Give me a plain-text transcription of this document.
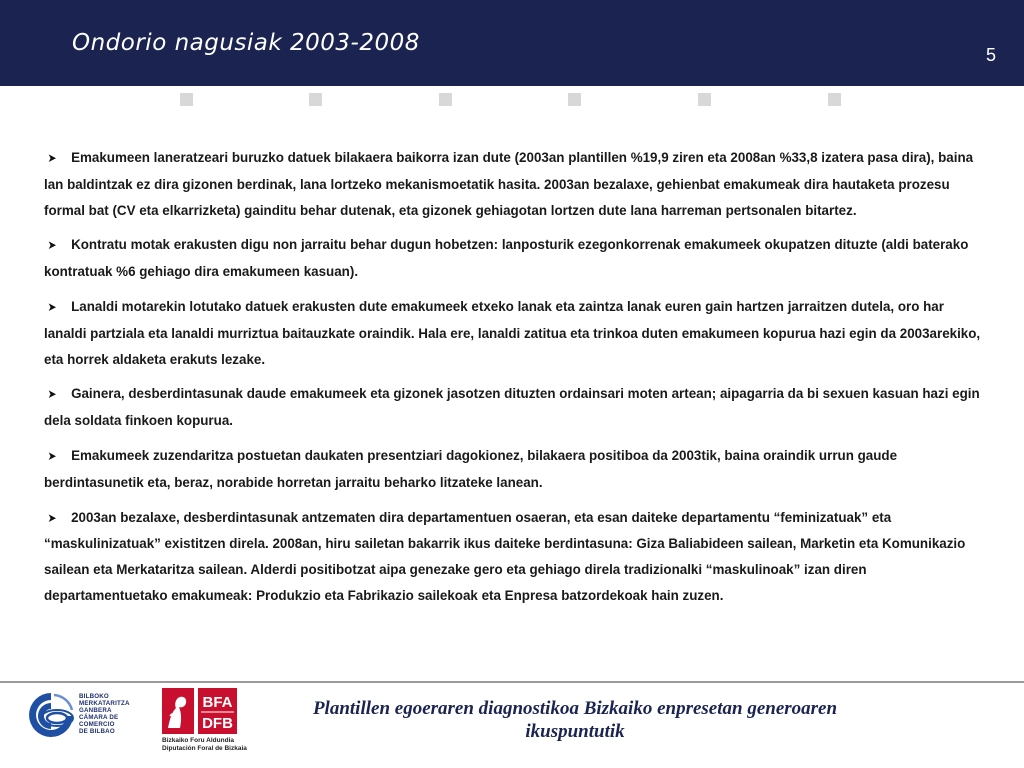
Ondorio nagusiak 2003-2008	5

➤ Emakumeen laneratzeari buruzko datuek bilakaera baikorra izan dute (2003an plantillen %19,9 ziren eta 2008an %33,8 izatera pasa dira), baina lan baldintzak ez dira gizonen berdinak, lana lortzeko mekanismoetatik hasita. 2003an bezalaxe, gehienbat emakumeak dira hautaketa prozesu formal bat (CV eta elkarrizketa) gainditu behar dutenak, eta gizonek gehiagotan lortzen dute lana harreman pertsonalen bitartez.

➤ Kontratu motak erakusten digu non jarraitu behar dugun hobetzen: lanposturik ezegonkorrenak emakumeek okupatzen dituzte (aldi baterako kontratuak %6 gehiago dira emakumeen kasuan).

➤ Lanaldi motarekin lotutako datuek erakusten dute emakumeek etxeko lanak eta zaintza lanak euren gain hartzen jarraitzen dutela, oro har lanaldi partziala eta lanaldi murriztua baitauzkate oraindik. Hala ere, lanaldi zatitua eta trinkoa duten emakumeen kopurua hazi egin da 2003arekiko, eta horrek aldaketa erakuts lezake.

➤ Gainera, desberdintasunak daude emakumeek eta gizonek jasotzen dituzten ordainsari moten artean; aipagarria da bi sexuen kasuan hazi egin dela soldata finkoen kopurua.

➤ Emakumeek zuzendaritza postuetan daukaten presentziari dagokionez, bilakaera positiboa da 2003tik, baina oraindik urrun gaude berdintasunetik eta, beraz, norabide horretan jarraitu beharko litzateke lanean.

➤ 2003an bezalaxe, desberdintasunak antzematen dira departamentuen osaeran, eta esan daiteke departamentu “feminizatuak” eta “maskulinizatuak” existitzen direla. 2008an, hiru sailetan bakarrik ikus daiteke berdintasuna: Giza Baliabideen sailean, Marketin eta Komunikazio sailean eta Merkataritza sailean. Alderdi positibotzat aipa genezake gero eta gehiago direla tradizionalki “maskulinoak” izan diren departamentuetako emakumeak: Produkzio eta Fabrikazio sailekoak eta Enpresa batzordekoak hain zuzen.

BILBOKO
MERKATARITZA
GANBERA
CÁMARA DE
COMERCIO
DE BILBAO
BFA
DFB
Bizkaiko Foru Aldundia
Diputación Foral de Bizkaia
Plantillen egoeraren diagnostikoa Bizkaiko enpresetan generoaren ikuspuntutik
